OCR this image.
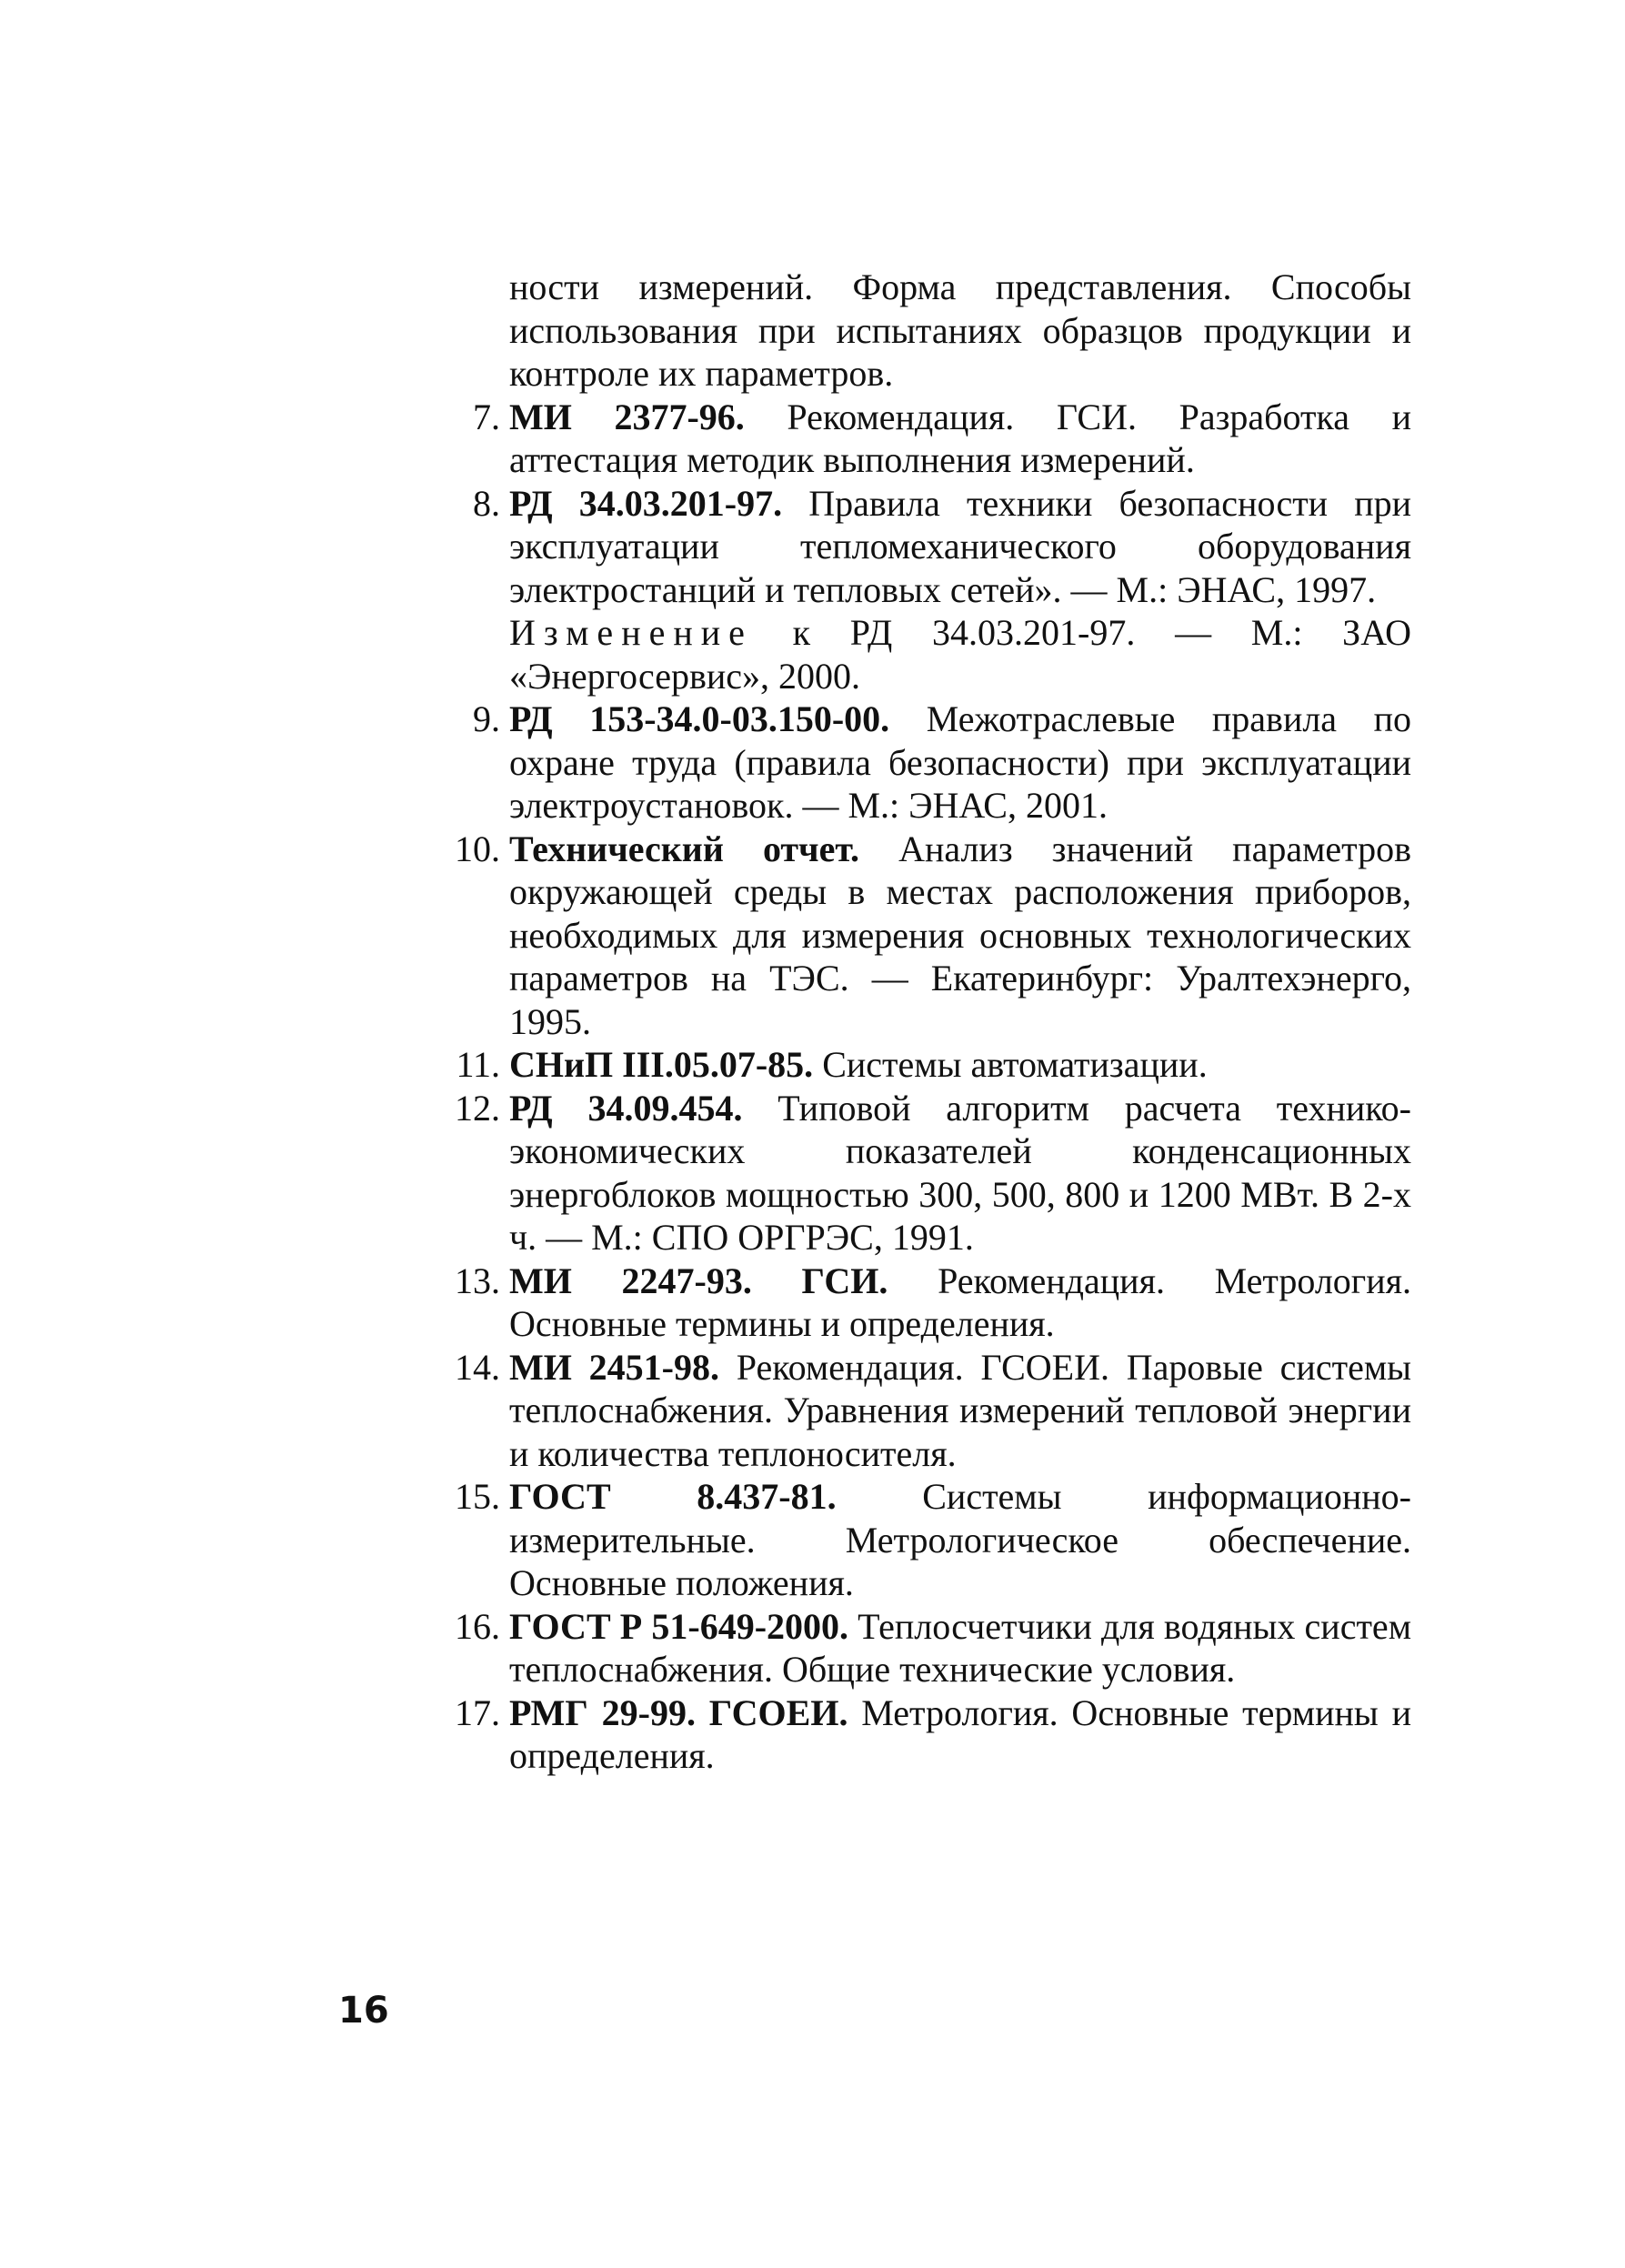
ности измерений. Форма представления. Способы использования при испытаниях образцов продукции и контроле их параметров.
7. МИ 2377-96. Рекомендация. ГСИ. Разработка и аттестация методик выполнения измерений.
8. РД 34.03.201-97. Правила техники безопасности при эксплуатации тепломеханического оборудования электростанций и тепловых сетей». — М.: ЭНАС, 1997.
Изменение к РД 34.03.201-97. — М.: ЗАО «Энергосервис», 2000.
9. РД 153-34.0-03.150-00. Межотраслевые правила по охране труда (правила безопасности) при эксплуатации электроустановок. — М.: ЭНАС, 2001.
10. Технический отчет. Анализ значений параметров окружающей среды в местах расположения приборов, необходимых для измерения основных технологических параметров на ТЭС. — Екатеринбург: Уралтехэнерго, 1995.
11. СНиП III.05.07-85. Системы автоматизации.
12. РД 34.09.454. Типовой алгоритм расчета технико-экономических показателей конденсационных энергоблоков мощностью 300, 500, 800 и 1200 МВт. В 2-х ч. — М.: СПО ОРГРЭС, 1991.
13. МИ 2247-93. ГСИ. Рекомендация. Метрология. Основные термины и определения.
14. МИ 2451-98. Рекомендация. ГСОЕИ. Паровые системы теплоснабжения. Уравнения измерений тепловой энергии и количества теплоносителя.
15. ГОСТ 8.437-81. Системы информационно-измерительные. Метрологическое обеспечение. Основные положения.
16. ГОСТ Р 51-649-2000. Теплосчетчики для водяных систем теплоснабжения. Общие технические условия.
17. РМГ 29-99. ГСОЕИ. Метрология. Основные термины и определения.
16
